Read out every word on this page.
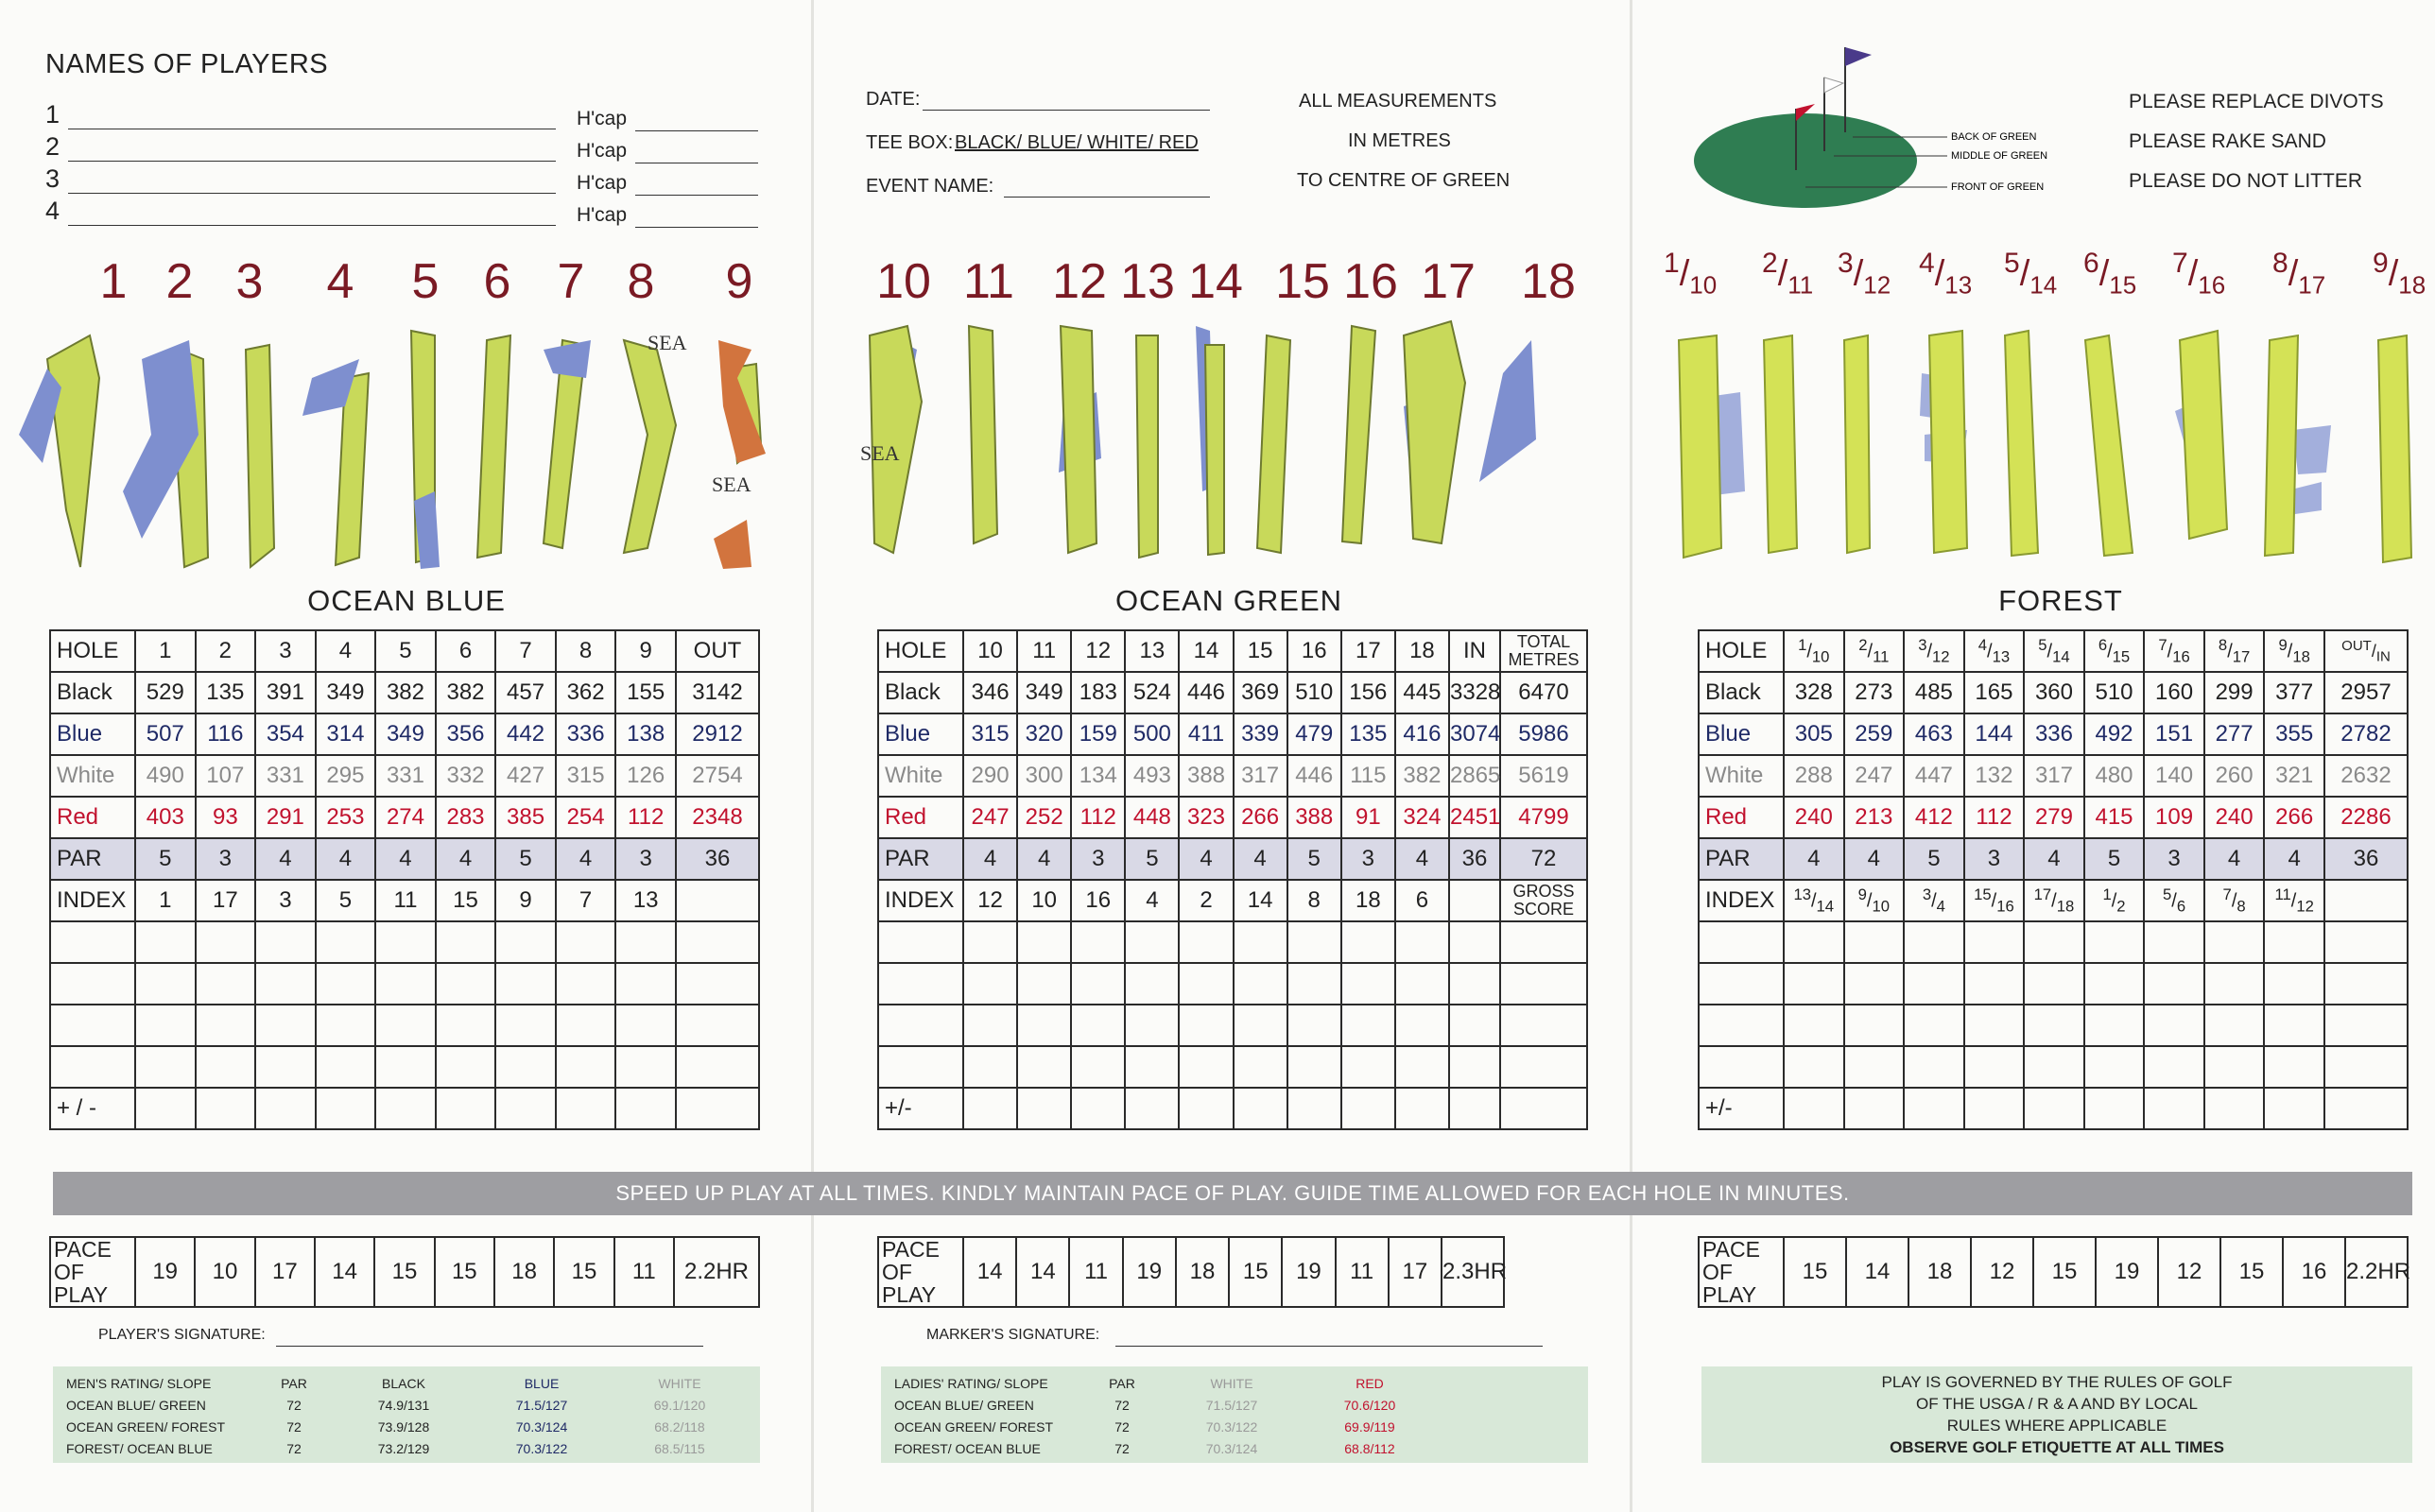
NAMES OF PLAYERS
1
2
3
4
H'cap
H'cap
H'cap
H'cap
1 2 3 4 5 6 7 8 9
SEA
SEA
OCEAN BLUE
HOLE	1	2	3	4	5	6	7	8	9	OUT
Black	529	135	391	349	382	382	457	362	155	3142
Blue	507	116	354	314	349	356	442	336	138	2912
White	490	107	331	295	331	332	427	315	126	2754
Red	403	93	291	253	274	283	385	254	112	2348
PAR	5	3	4	4	4	4	5	4	3	36
INDEX	1	17	3	5	11	15	9	7	13	

+ / -										
DATE:
TEE BOX: BLACK/ BLUE/ WHITE/ RED
EVENT NAME:
ALL MEASUREMENTS
IN METRES
TO CENTRE OF GREEN
10 11 12 13 14 15 16 17 18
SEA
OCEAN GREEN
HOLE	10	11	12	13	14	15	16	17	18	IN	TOTAL METRES
Black	346	349	183	524	446	369	510	156	445	3328	6470
Blue	315	320	159	500	411	339	479	135	416	3074	5986
White	290	300	134	493	388	317	446	115	382	2865	5619
Red	247	252	112	448	323	266	388	91	324	2451	4799
PAR	4	4	3	5	4	4	5	3	4	36	72
INDEX	12	10	16	4	2	14	8	18	6		GROSS SCORE

+/-											
BACK OF GREEN
MIDDLE OF GREEN
FRONT OF GREEN
PLEASE REPLACE DIVOTS
PLEASE RAKE SAND
PLEASE DO NOT LITTER
$^1/_{10}$
$^2/_{11}$
$^3/_{12}$
$^4/_{13}$
$^5/_{14}$
$^6/_{15}$
$^7/_{16}$
$^8/_{17}$
$^9/_{18}$
FOREST
HOLE	$^1/_{10}$	$^2/_{11}$	$^3/_{12}$	$^4/_{13}$	$^5/_{14}$	$^6/_{15}$	$^7/_{16}$	$^8/_{17}$	$^9/_{18}$	$^{OUT}/_{IN}$
Black	328	273	485	165	360	510	160	299	377	2957
Blue	305	259	463	144	336	492	151	277	355	2782
White	288	247	447	132	317	480	140	260	321	2632
Red	240	213	412	112	279	415	109	240	266	2286
PAR	4	4	5	3	4	5	3	4	4	36
INDEX	$^{13}/_{14}$	$^9/_{10}$	$^3/_4$	$^{15}/_{16}$	$^{17}/_{18}$	$^1/_2$	$^5/_6$	$^7/_8$	$^{11}/_{12}$	

+/-										
SPEED UP PLAY AT ALL TIMES. KINDLY MAINTAIN PACE OF PLAY. GUIDE TIME ALLOWED FOR EACH HOLE IN MINUTES.
PACE OF PLAY	19	10	17	14	15	15	18	15	11	2.2HR
PACE OF PLAY	14	14	11	19	18	15	19	11	17	2.3HR
PACE OF PLAY	15	14	18	12	15	19	12	15	16	2.2HR
PLAYER'S SIGNATURE:	MARKER'S SIGNATURE:
MEN'S RATING/ SLOPE	PAR	BLACK	BLUE	WHITE
OCEAN BLUE/ GREEN	72	74.9/131	71.5/127	69.1/120
OCEAN GREEN/ FOREST	72	73.9/128	70.3/124	68.2/118
FOREST/ OCEAN BLUE	72	73.2/129	70.3/122	68.5/115
LADIES' RATING/ SLOPE	PAR	WHITE	RED
OCEAN BLUE/ GREEN	72	71.5/127	70.6/120
OCEAN GREEN/ FOREST	72	70.3/122	69.9/119
FOREST/ OCEAN BLUE	72	70.3/124	68.8/112
PLAY IS GOVERNED BY THE RULES OF GOLF
OF THE USGA / R & A AND BY LOCAL
RULES WHERE APPLICABLE
OBSERVE GOLF ETIQUETTE AT ALL TIMES
